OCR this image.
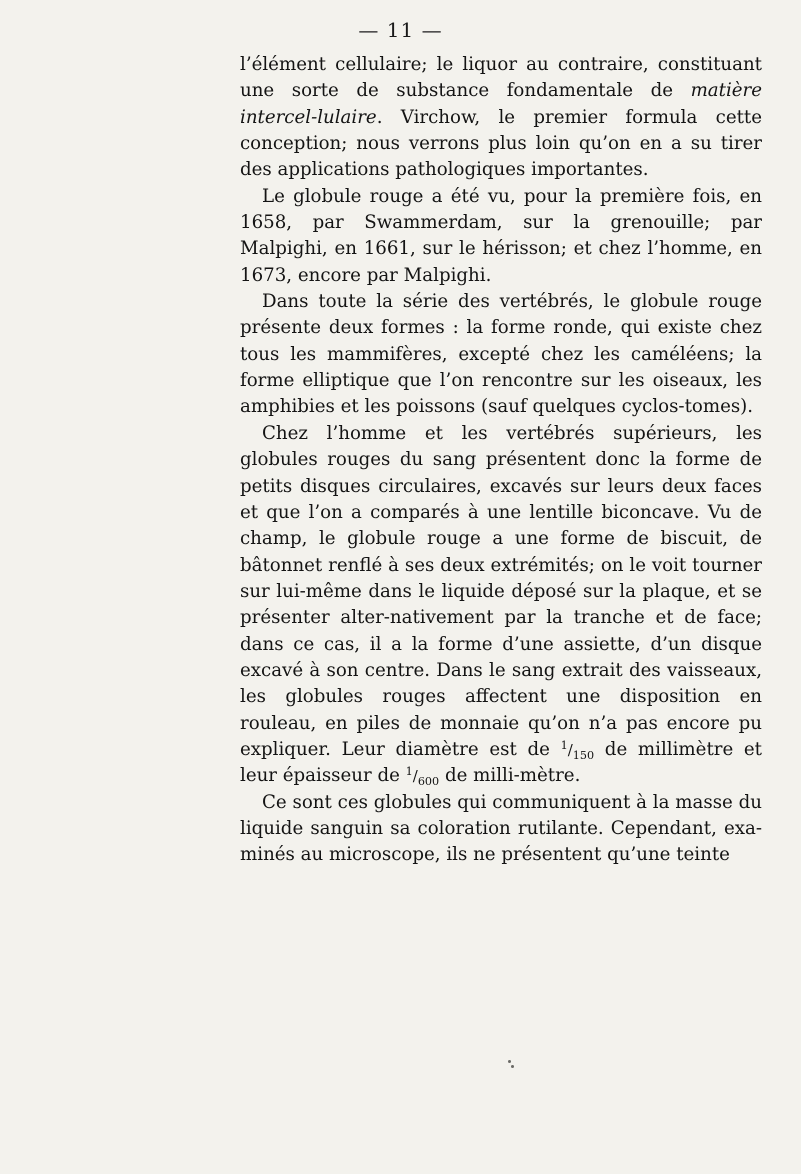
— 11 —

l’élément cellulaire; le liquor au contraire, constituant une sorte de substance fondamentale de matière intercel-lulaire. Virchow, le premier formula cette conception; nous verrons plus loin qu’on en a su tirer des applications pathologiques importantes.

Le globule rouge a été vu, pour la première fois, en 1658, par Swammerdam, sur la grenouille; par Malpighi, en 1661, sur le hérisson; et chez l’homme, en 1673, encore par Malpighi.

Dans toute la série des vertébrés, le globule rouge présente deux formes : la forme ronde, qui existe chez tous les mammifères, excepté chez les caméléens; la forme elliptique que l’on rencontre sur les oiseaux, les amphibies et les poissons (sauf quelques cyclos-tomes).

Chez l’homme et les vertébrés supérieurs, les globules rouges du sang présentent donc la forme de petits disques circulaires, excavés sur leurs deux faces et que l’on a comparés à une lentille biconcave. Vu de champ, le globule rouge a une forme de biscuit, de bâtonnet renflé à ses deux extrémités; on le voit tourner sur lui-même dans le liquide déposé sur la plaque, et se présenter alter-nativement par la tranche et de face; dans ce cas, il a la forme d’une assiette, d’un disque excavé à son centre. Dans le sang extrait des vaisseaux, les globules rouges affectent une disposition en rouleau, en piles de monnaie qu’on n’a pas encore pu expliquer. Leur diamètre est de $^1/_{150}$ de millimètre et leur épaisseur de $^1/_{600}$ de milli-mètre.

Ce sont ces globules qui communiquent à la masse du liquide sanguin sa coloration rutilante. Cependant, exa-minés au microscope, ils ne présentent qu’une teinte
